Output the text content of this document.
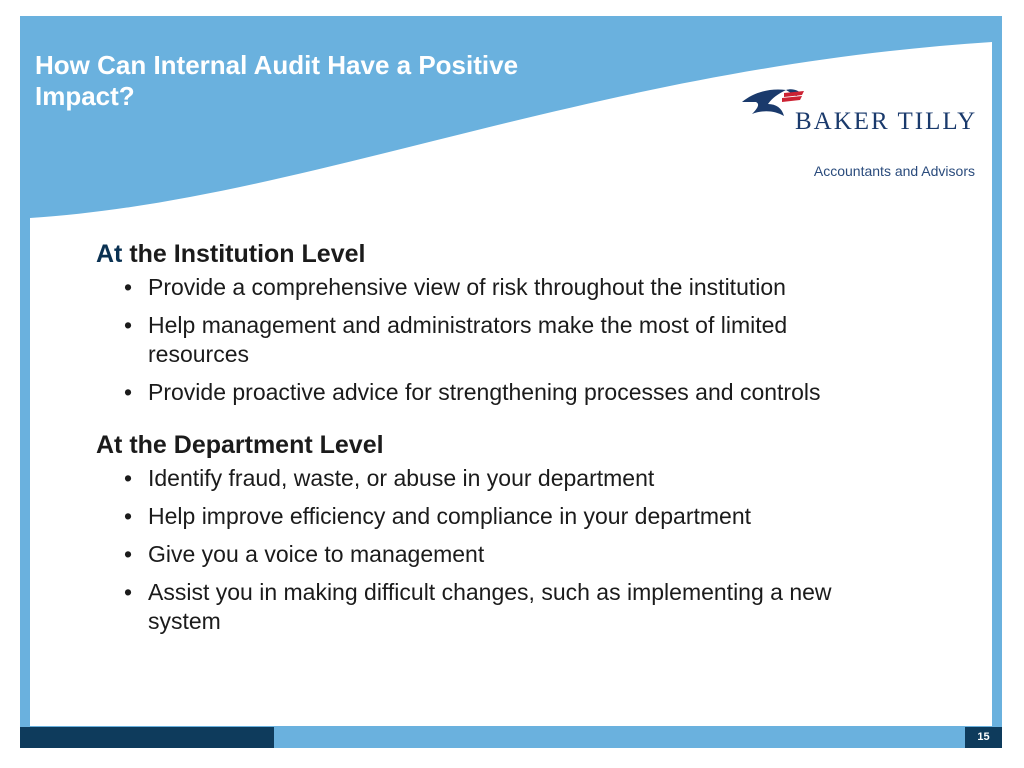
How Can Internal Audit Have a Positive Impact?
BAKER TILLY
Accountants and Advisors
At the Institution Level
• Provide a comprehensive view of risk throughout the institution
• Help management and administrators make the most of limited resources
• Provide proactive advice for strengthening processes and controls
At the Department Level
• Identify fraud, waste, or abuse in your department
• Help improve efficiency and compliance in your department
• Give you a voice to management
• Assist you in making difficult changes, such as implementing a new system
15
